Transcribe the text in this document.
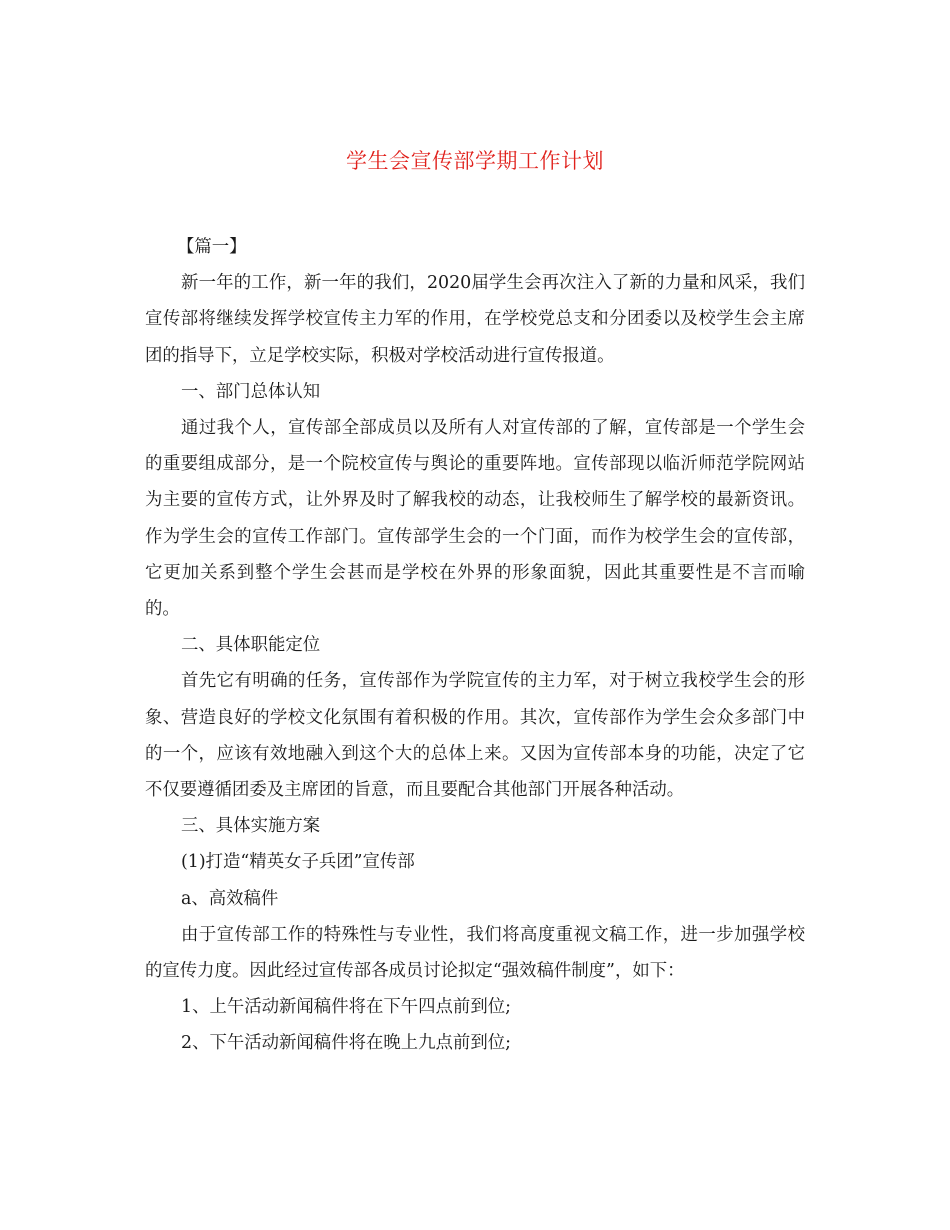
学生会宣传部学期工作计划

【篇一】

新一年的工作，新一年的我们，2020届学生会再次注入了新的力量和风采，我们宣传部将继续发挥学校宣传主力军的作用，在学校党总支和分团委以及校学生会主席团的指导下，立足学校实际，积极对学校活动进行宣传报道。

一、部门总体认知

通过我个人，宣传部全部成员以及所有人对宣传部的了解，宣传部是一个学生会的重要组成部分，是一个院校宣传与舆论的重要阵地。宣传部现以临沂师范学院网站为主要的宣传方式，让外界及时了解我校的动态，让我校师生了解学校的最新资讯。作为学生会的宣传工作部门。宣传部学生会的一个门面，而作为校学生会的宣传部，它更加关系到整个学生会甚而是学校在外界的形象面貌，因此其重要性是不言而喻的。

二、具体职能定位

首先它有明确的任务，宣传部作为学院宣传的主力军，对于树立我校学生会的形象、营造良好的学校文化氛围有着积极的作用。其次，宣传部作为学生会众多部门中的一个，应该有效地融入到这个大的总体上来。又因为宣传部本身的功能，决定了它不仅要遵循团委及主席团的旨意，而且要配合其他部门开展各种活动。

三、具体实施方案

(1)打造“精英女子兵团”宣传部

a、高效稿件

由于宣传部工作的特殊性与专业性，我们将高度重视文稿工作，进一步加强学校的宣传力度。因此经过宣传部各成员讨论拟定“强效稿件制度”，如下：

1、上午活动新闻稿件将在下午四点前到位;

2、下午活动新闻稿件将在晚上九点前到位;
